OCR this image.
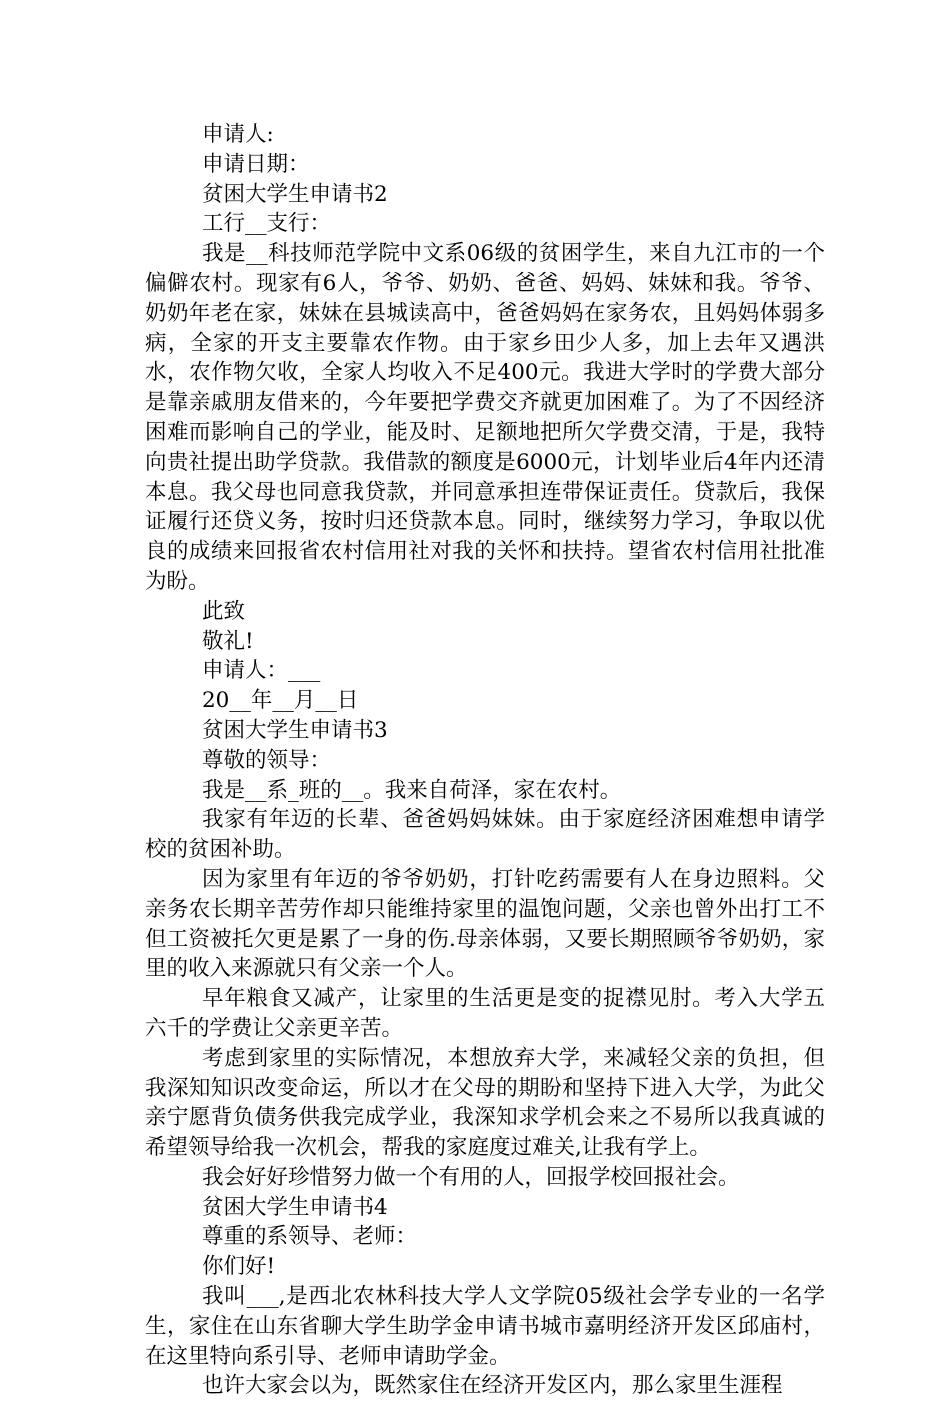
申请人:

申请日期：

贫困大学生申请书2

工行__支行：

我是__科技师范学院中文系06级的贫困学生，来自九江市的一个偏僻农村。现家有6人，爷爷、奶奶、爸爸、妈妈、妹妹和我。爷爷、奶奶年老在家，妹妹在县城读高中，爸爸妈妈在家务农，且妈妈体弱多病，全家的开支主要靠农作物。由于家乡田少人多，加上去年又遇洪水，农作物欠收，全家人均收入不足400元。我进大学时的学费大部分是靠亲戚朋友借来的，今年要把学费交齐就更加困难了。为了不因经济困难而影响自己的学业，能及时、足额地把所欠学费交清，于是，我特向贵社提出助学贷款。我借款的额度是6000元，计划毕业后4年内还清本息。我父母也同意我贷款，并同意承担连带保证责任。贷款后，我保证履行还贷义务，按时归还贷款本息。同时，继续努力学习，争取以优良的成绩来回报省农村信用社对我的关怀和扶持。望省农村信用社批准为盼。

此致

敬礼!

申请人：___

20__年__月__日

贫困大学生申请书3

尊敬的领导：

我是__系_班的__。我来自荷泽，家在农村。

我家有年迈的长辈、爸爸妈妈妹妹。由于家庭经济困难想申请学校的贫困补助。

因为家里有年迈的爷爷奶奶，打针吃药需要有人在身边照料。父亲务农长期辛苦劳作却只能维持家里的温饱问题，父亲也曾外出打工不但工资被托欠更是累了一身的伤.母亲体弱，又要长期照顾爷爷奶奶，家里的收入来源就只有父亲一个人。

早年粮食又减产，让家里的生活更是变的捉襟见肘。考入大学五六千的学费让父亲更辛苦。

考虑到家里的实际情况，本想放弃大学，来减轻父亲的负担，但我深知知识改变命运，所以才在父母的期盼和坚持下进入大学，为此父亲宁愿背负债务供我完成学业，我深知求学机会来之不易所以我真诚的希望领导给我一次机会，帮我的家庭度过难关,让我有学上。

我会好好珍惜努力做一个有用的人，回报学校回报社会。

贫困大学生申请书4

尊重的系领导、老师：

你们好!

我叫___,是西北农林科技大学人文学院05级社会学专业的一名学生，家住在山东省聊大学生助学金申请书城市嘉明经济开发区邱庙村，在这里特向系引导、老师申请助学金。

也许大家会以为，既然家住在经济开发区内，那么家里生涯程
